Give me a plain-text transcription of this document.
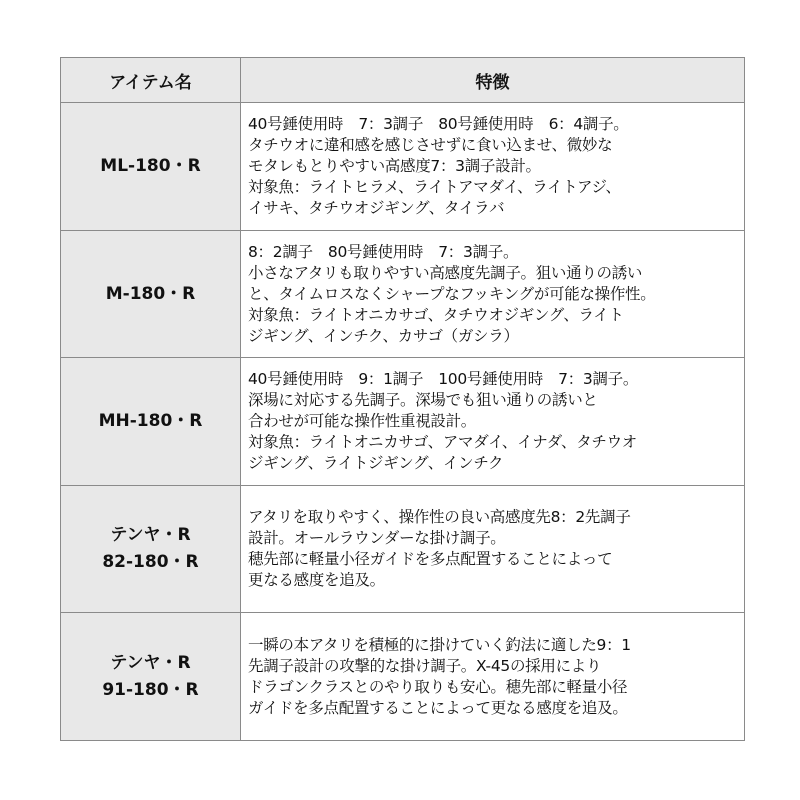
アイテム名	特徴

ML-180・R	40号錘使用時　7：3調子　80号錘使用時　6：4調子。
タチウオに違和感を感じさせずに食い込ませ、微妙な
モタレもとりやすい高感度7：3調子設計。
対象魚：ライトヒラメ、ライトアマダイ、ライトアジ、
イサキ、タチウオジギング、タイラバ

M-180・R	8：2調子　80号錘使用時　7：3調子。
小さなアタリも取りやすい高感度先調子。狙い通りの誘い
と、タイムロスなくシャープなフッキングが可能な操作性。
対象魚：ライトオニカサゴ、タチウオジギング、ライト
ジギング、インチク、カサゴ（ガシラ）

MH-180・R	40号錘使用時　9：1調子　100号錘使用時　7：3調子。
深場に対応する先調子。深場でも狙い通りの誘いと
合わせが可能な操作性重視設計。
対象魚：ライトオニカサゴ、アマダイ、イナダ、タチウオ
ジギング、ライトジギング、インチク

テンヤ・R
82-180・R	アタリを取りやすく、操作性の良い高感度先8：2先調子
設計。オールラウンダーな掛け調子。
穂先部に軽量小径ガイドを多点配置することによって
更なる感度を追及。

テンヤ・R
91-180・R	一瞬の本アタリを積極的に掛けていく釣法に適した9：1
先調子設計の攻撃的な掛け調子。X-45の採用により
ドラゴンクラスとのやり取りも安心。穂先部に軽量小径
ガイドを多点配置することによって更なる感度を追及。
